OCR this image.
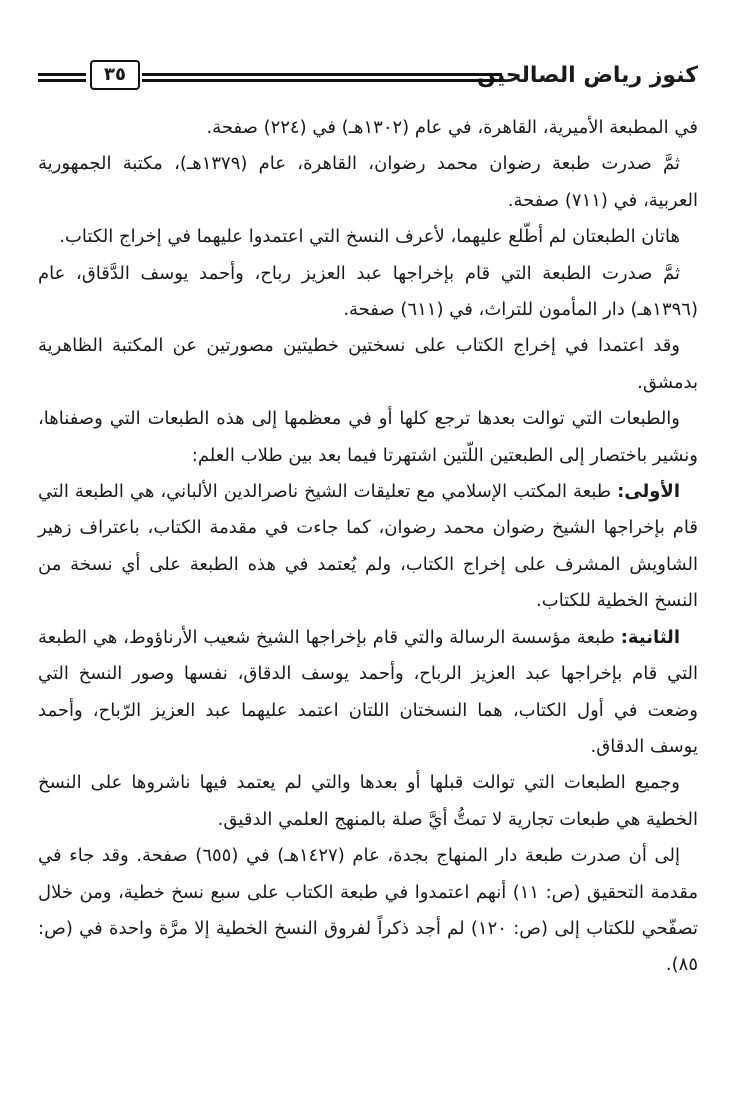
كنوز رياض الصالحين
٣٥

في المطبعة الأميرية، القاهرة، في عام (١٣٠٢هـ) في (٢٢٤) صفحة.

ثمَّ صدرت طبعة رضوان محمد رضوان، القاهرة، عام (١٣٧٩هـ)، مكتبة الجمهورية العربية، في (٧١١) صفحة.

هاتان الطبعتان لم أطّلع عليهما، لأعرف النسخ التي اعتمدوا عليهما في إخراج الكتاب.

ثمَّ صدرت الطبعة التي قام بإخراجها عبد العزيز رباح، وأحمد يوسف الدَّقاق، عام (١٣٩٦هـ) دار المأمون للتراث، في (٦١١) صفحة.

وقد اعتمدا في إخراج الكتاب على نسختين خطيتين مصورتين عن المكتبة الظاهرية بدمشق.

والطبعات التي توالت بعدها ترجع كلها أو في معظمها إلى هذه الطبعات التي وصفناها، ونشير باختصار إلى الطبعتين اللّتين اشتهرتا فيما بعد بين طلاب العلم:

الأولى: طبعة المكتب الإسلامي مع تعليقات الشيخ ناصرالدين الألباني، هي الطبعة التي قام بإخراجها الشيخ رضوان محمد رضوان، كما جاءت في مقدمة الكتاب، باعتراف زهير الشاويش المشرف على إخراج الكتاب، ولم يُعتمد في هذه الطبعة على أي نسخة من النسخ الخطية للكتاب.

الثانية: طبعة مؤسسة الرسالة والتي قام بإخراجها الشيخ شعيب الأرناؤوط، هي الطبعة التي قام بإخراجها عبد العزيز الرباح، وأحمد يوسف الدقاق، نفسها وصور النسخ التي وضعت في أول الكتاب، هما النسختان اللتان اعتمد عليهما عبد العزيز الرّباح، وأحمد يوسف الدقاق.

وجميع الطبعات التي توالت قبلها أو بعدها والتي لم يعتمد فيها ناشروها على النسخ الخطية هي طبعات تجارية لا تمتُّ أيَّ صلة بالمنهج العلمي الدقيق.

إلى أن صدرت طبعة دار المنهاج بجدة، عام (١٤٢٧هـ) في (٦٥٥) صفحة. وقد جاء في مقدمة التحقيق (ص: ١١) أنهم اعتمدوا في طبعة الكتاب على سبع نسخ خطية، ومن خلال تصفّحي للكتاب إلى (ص: ١٢٠) لم أجد ذكراً لفروق النسخ الخطية إلا مرَّة واحدة في (ص: ٨٥).
